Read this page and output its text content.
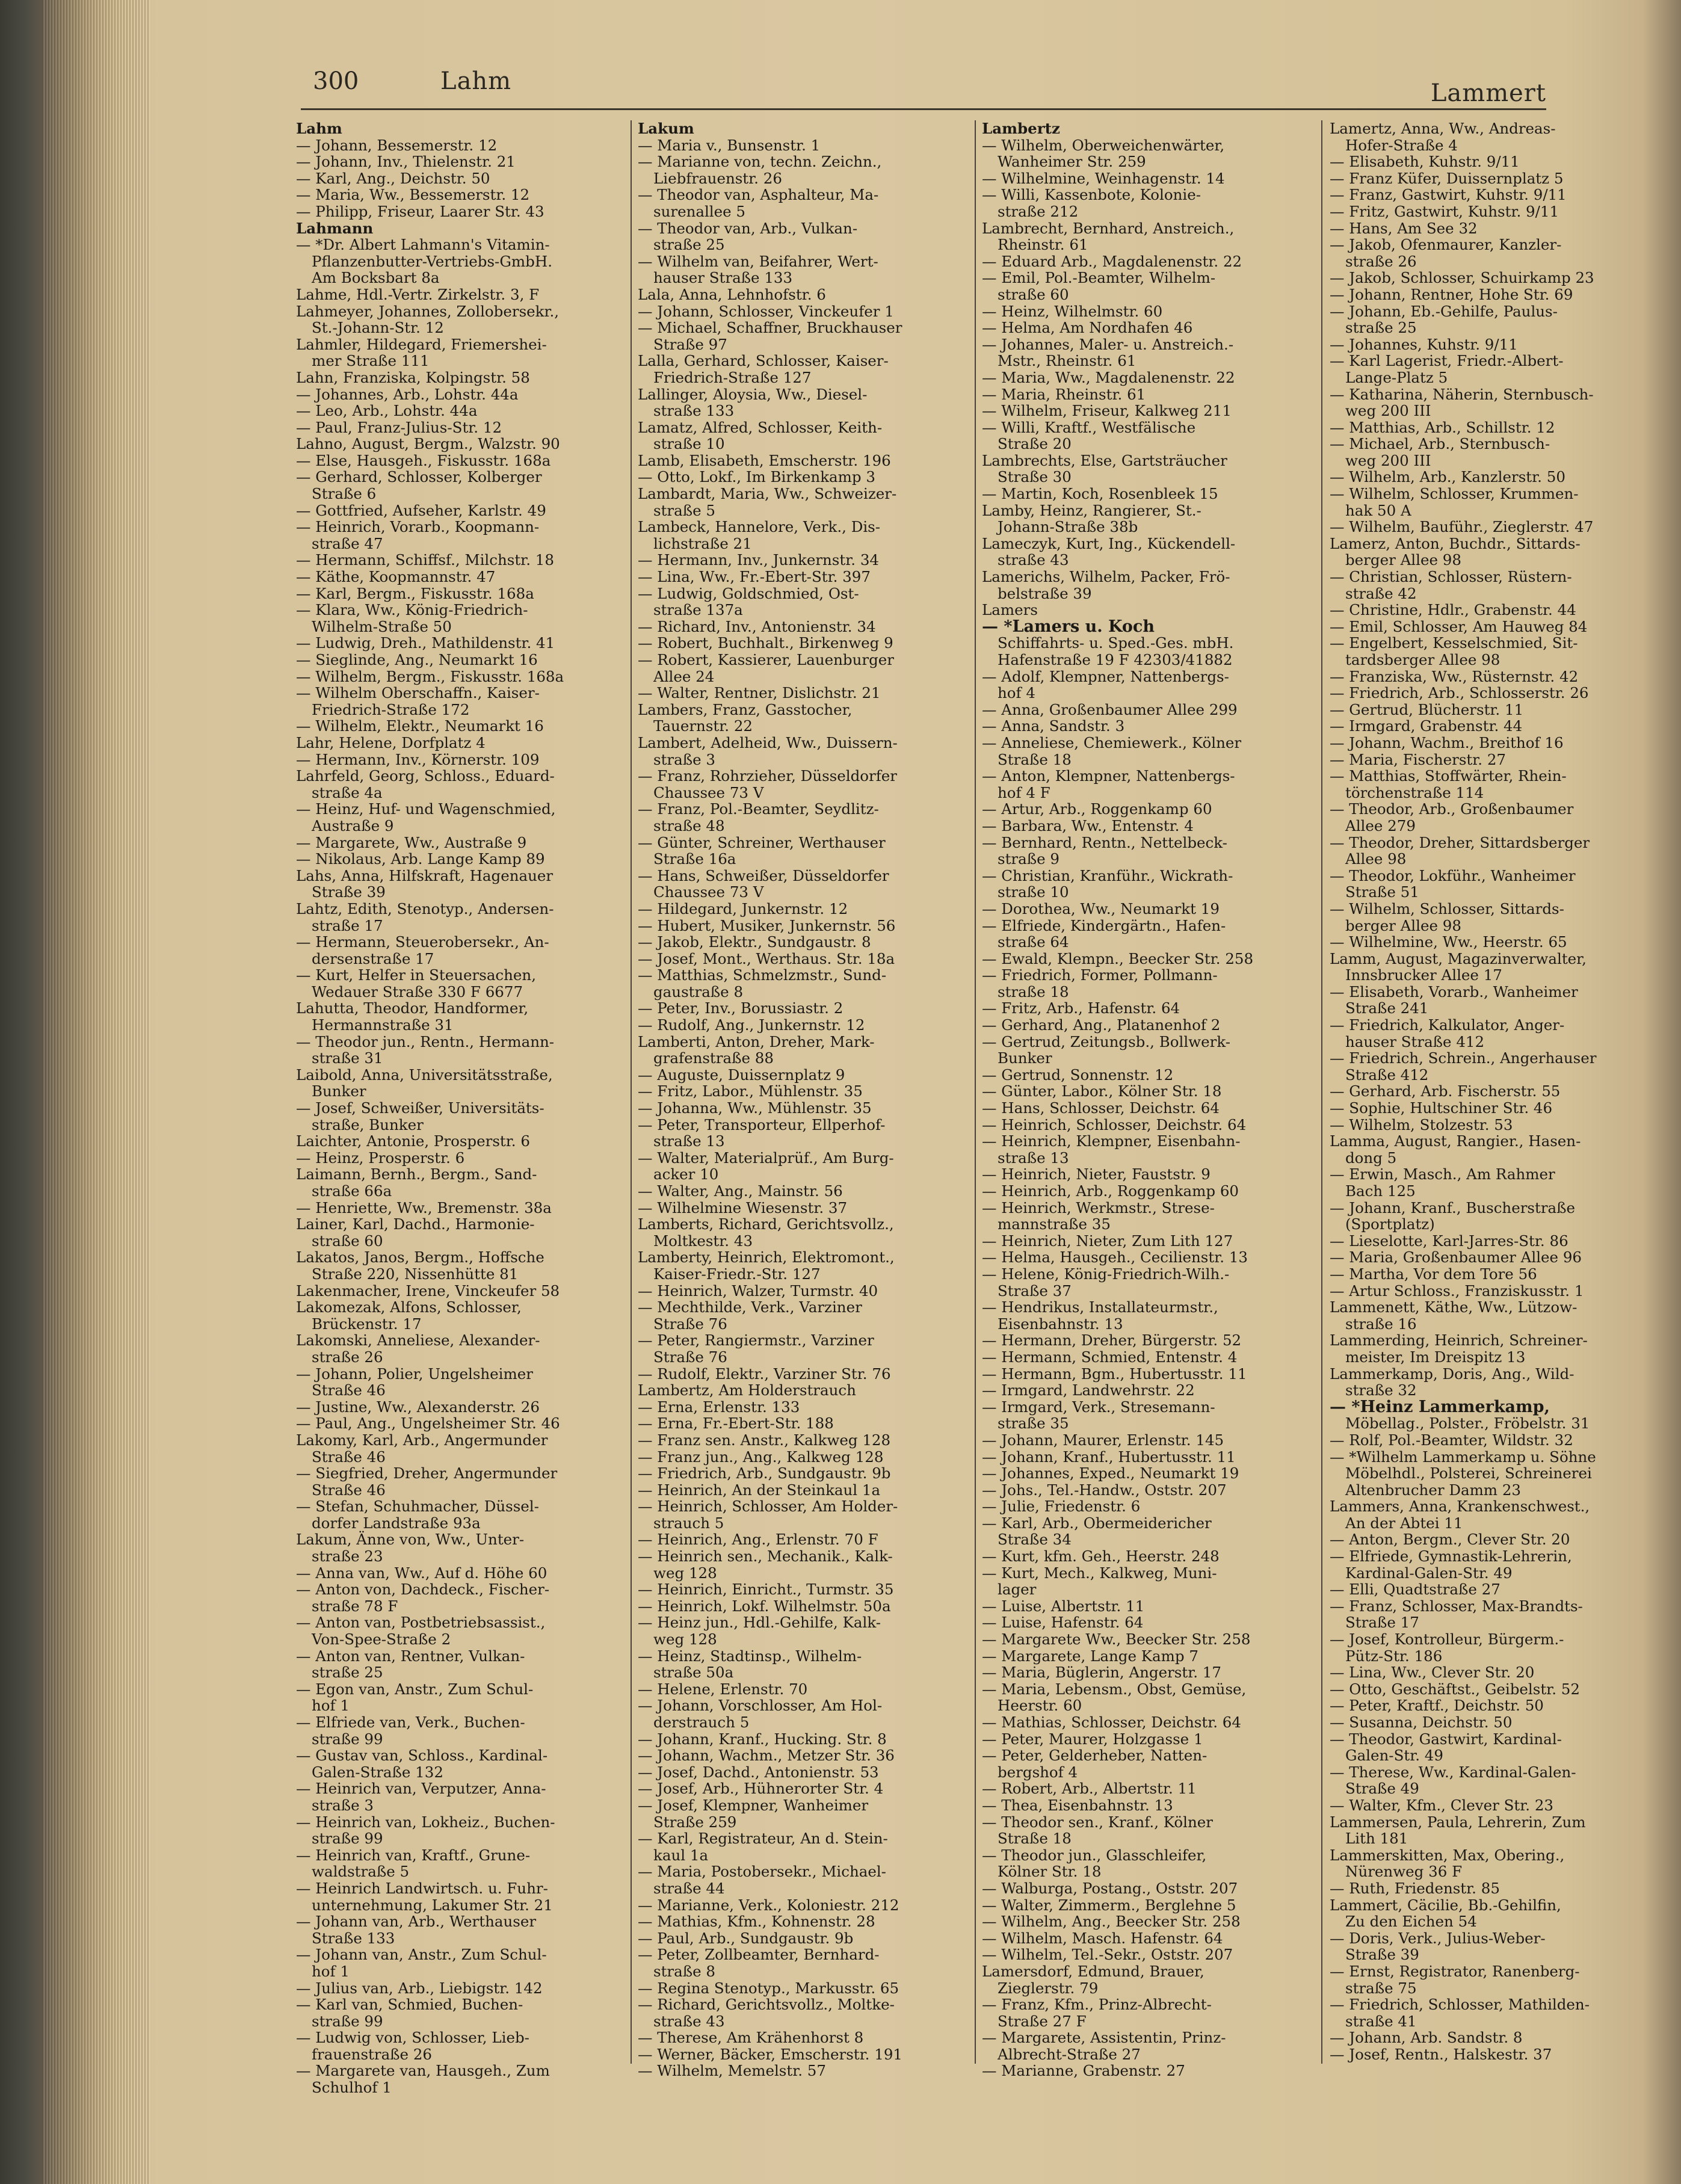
300	Lahm	Lammert

Lahm

— Johann, Bessemerstr. 12

— Johann, Inv., Thielenstr. 21

— Karl, Ang., Deichstr. 50

— Maria, Ww., Bessemerstr. 12

— Philipp, Friseur, Laarer Str. 43

Lahmann

— *Dr. Albert Lahmann's Vitamin-

Pflanzenbutter-Vertriebs-GmbH.

Am Bocksbart 8a

Lahme, Hdl.-Vertr. Zirkelstr. 3, F

Lahmeyer, Johannes, Zollobersekr.,

St.-Johann-Str. 12

Lahmler, Hildegard, Friemershei-

mer Straße 111

Lahn, Franziska, Kolpingstr. 58

— Johannes, Arb., Lohstr. 44a

— Leo, Arb., Lohstr. 44a

— Paul, Franz-Julius-Str. 12

Lahno, August, Bergm., Walzstr. 90

— Else, Hausgeh., Fiskusstr. 168a

— Gerhard, Schlosser, Kolberger

Straße 6

— Gottfried, Aufseher, Karlstr. 49

— Heinrich, Vorarb., Koopmann-

straße 47

— Hermann, Schiffsf., Milchstr. 18

— Käthe, Koopmannstr. 47

— Karl, Bergm., Fiskusstr. 168a

— Klara, Ww., König-Friedrich-

Wilhelm-Straße 50

— Ludwig, Dreh., Mathildenstr. 41

— Sieglinde, Ang., Neumarkt 16

— Wilhelm, Bergm., Fiskusstr. 168a

— Wilhelm Oberschaffn., Kaiser-

Friedrich-Straße 172

— Wilhelm, Elektr., Neumarkt 16

Lahr, Helene, Dorfplatz 4

— Hermann, Inv., Körnerstr. 109

Lahrfeld, Georg, Schloss., Eduard-

straße 4a

— Heinz, Huf- und Wagenschmied,

Austraße 9

— Margarete, Ww., Austraße 9

— Nikolaus, Arb. Lange Kamp 89

Lahs, Anna, Hilfskraft, Hagenauer

Straße 39

Lahtz, Edith, Stenotyp., Andersen-

straße 17

— Hermann, Steuerobersekr., An-

dersenstraße 17

— Kurt, Helfer in Steuersachen,

Wedauer Straße 330 F 6677

Lahutta, Theodor, Handformer,

Hermannstraße 31

— Theodor jun., Rentn., Hermann-

straße 31

Laibold, Anna, Universitätsstraße,

Bunker

— Josef, Schweißer, Universitäts-

straße, Bunker

Laichter, Antonie, Prosperstr. 6

— Heinz, Prosperstr. 6

Laimann, Bernh., Bergm., Sand-

straße 66a

— Henriette, Ww., Bremenstr. 38a

Lainer, Karl, Dachd., Harmonie-

straße 60

Lakatos, Janos, Bergm., Hoffsche

Straße 220, Nissenhütte 81

Lakenmacher, Irene, Vinckeufer 58

Lakomezak, Alfons, Schlosser,

Brückenstr. 17

Lakomski, Anneliese, Alexander-

straße 26

— Johann, Polier, Ungelsheimer

Straße 46

— Justine, Ww., Alexanderstr. 26

— Paul, Ang., Ungelsheimer Str. 46

Lakomy, Karl, Arb., Angermunder

Straße 46

— Siegfried, Dreher, Angermunder

Straße 46

— Stefan, Schuhmacher, Düssel-

dorfer Landstraße 93a

Lakum, Änne von, Ww., Unter-

straße 23

— Anna van, Ww., Auf d. Höhe 60

— Anton von, Dachdeck., Fischer-

straße 78 F

— Anton van, Postbetriebsassist.,

Von-Spee-Straße 2

— Anton van, Rentner, Vulkan-

straße 25

— Egon van, Anstr., Zum Schul-

hof 1

— Elfriede van, Verk., Buchen-

straße 99

— Gustav van, Schloss., Kardinal-

Galen-Straße 132

— Heinrich van, Verputzer, Anna-

straße 3

— Heinrich van, Lokheiz., Buchen-

straße 99

— Heinrich van, Kraftf., Grune-

waldstraße 5

— Heinrich Landwirtsch. u. Fuhr-

unternehmung, Lakumer Str. 21

— Johann van, Arb., Werthauser

Straße 133

— Johann van, Anstr., Zum Schul-

hof 1

— Julius van, Arb., Liebigstr. 142

— Karl van, Schmied, Buchen-

straße 99

— Ludwig von, Schlosser, Lieb-

frauenstraße 26

— Margarete van, Hausgeh., Zum

Schulhof 1

Lakum

— Maria v., Bunsenstr. 1

— Marianne von, techn. Zeichn.,

Liebfrauenstr. 26

— Theodor van, Asphalteur, Ma-

surenallee 5

— Theodor van, Arb., Vulkan-

straße 25

— Wilhelm van, Beifahrer, Wert-

hauser Straße 133

Lala, Anna, Lehnhofstr. 6

— Johann, Schlosser, Vinckeufer 1

— Michael, Schaffner, Bruckhauser

Straße 97

Lalla, Gerhard, Schlosser, Kaiser-

Friedrich-Straße 127

Lallinger, Aloysia, Ww., Diesel-

straße 133

Lamatz, Alfred, Schlosser, Keith-

straße 10

Lamb, Elisabeth, Emscherstr. 196

— Otto, Lokf., Im Birkenkamp 3

Lambardt, Maria, Ww., Schweizer-

straße 5

Lambeck, Hannelore, Verk., Dis-

lichstraße 21

— Hermann, Inv., Junkernstr. 34

— Lina, Ww., Fr.-Ebert-Str. 397

— Ludwig, Goldschmied, Ost-

straße 137a

— Richard, Inv., Antonienstr. 34

— Robert, Buchhalt., Birkenweg 9

— Robert, Kassierer, Lauenburger

Allee 24

— Walter, Rentner, Dislichstr. 21

Lambers, Franz, Gasstocher,

Tauernstr. 22

Lambert, Adelheid, Ww., Duissern-

straße 3

— Franz, Rohrzieher, Düsseldorfer

Chaussee 73 V

— Franz, Pol.-Beamter, Seydlitz-

straße 48

— Günter, Schreiner, Werthauser

Straße 16a

— Hans, Schweißer, Düsseldorfer

Chaussee 73 V

— Hildegard, Junkernstr. 12

— Hubert, Musiker, Junkernstr. 56

— Jakob, Elektr., Sundgaustr. 8

— Josef, Mont., Werthaus. Str. 18a

— Matthias, Schmelzmstr., Sund-

gaustraße 8

— Peter, Inv., Borussiastr. 2

— Rudolf, Ang., Junkernstr. 12

Lamberti, Anton, Dreher, Mark-

grafenstraße 88

— Auguste, Duissernplatz 9

— Fritz, Labor., Mühlenstr. 35

— Johanna, Ww., Mühlenstr. 35

— Peter, Transporteur, Ellperhof-

straße 13

— Walter, Materialprüf., Am Burg-

acker 10

— Walter, Ang., Mainstr. 56

— Wilhelmine Wiesenstr. 37

Lamberts, Richard, Gerichtsvollz.,

Moltkestr. 43

Lamberty, Heinrich, Elektromont.,

Kaiser-Friedr.-Str. 127

— Heinrich, Walzer, Turmstr. 40

— Mechthilde, Verk., Varziner

Straße 76

— Peter, Rangiermstr., Varziner

Straße 76

— Rudolf, Elektr., Varziner Str. 76

Lambertz, Am Holderstrauch

— Erna, Erlenstr. 133

— Erna, Fr.-Ebert-Str. 188

— Franz sen. Anstr., Kalkweg 128

— Franz jun., Ang., Kalkweg 128

— Friedrich, Arb., Sundgaustr. 9b

— Heinrich, An der Steinkaul 1a

— Heinrich, Schlosser, Am Holder-

strauch 5

— Heinrich, Ang., Erlenstr. 70 F

— Heinrich sen., Mechanik., Kalk-

weg 128

— Heinrich, Einricht., Turmstr. 35

— Heinrich, Lokf. Wilhelmstr. 50a

— Heinz jun., Hdl.-Gehilfe, Kalk-

weg 128

— Heinz, Stadtinsp., Wilhelm-

straße 50a

— Helene, Erlenstr. 70

— Johann, Vorschlosser, Am Hol-

derstrauch 5

— Johann, Kranf., Hucking. Str. 8

— Johann, Wachm., Metzer Str. 36

— Josef, Dachd., Antonienstr. 53

— Josef, Arb., Hühnerorter Str. 4

— Josef, Klempner, Wanheimer

Straße 259

— Karl, Registrateur, An d. Stein-

kaul 1a

— Maria, Postobersekr., Michael-

straße 44

— Marianne, Verk., Koloniestr. 212

— Mathias, Kfm., Kohnenstr. 28

— Paul, Arb., Sundgaustr. 9b

— Peter, Zollbeamter, Bernhard-

straße 8

— Regina Stenotyp., Markusstr. 65

— Richard, Gerichtsvollz., Moltke-

straße 43

— Therese, Am Krähenhorst 8

— Werner, Bäcker, Emscherstr. 191

— Wilhelm, Memelstr. 57

Lambertz

— Wilhelm, Oberweichenwärter,

Wanheimer Str. 259

— Wilhelmine, Weinhagenstr. 14

— Willi, Kassenbote, Kolonie-

straße 212

Lambrecht, Bernhard, Anstreich.,

Rheinstr. 61

— Eduard Arb., Magdalenenstr. 22

— Emil, Pol.-Beamter, Wilhelm-

straße 60

— Heinz, Wilhelmstr. 60

— Helma, Am Nordhafen 46

— Johannes, Maler- u. Anstreich.-

Mstr., Rheinstr. 61

— Maria, Ww., Magdalenenstr. 22

— Maria, Rheinstr. 61

— Wilhelm, Friseur, Kalkweg 211

— Willi, Kraftf., Westfälische

Straße 20

Lambrechts, Else, Gartsträucher

Straße 30

— Martin, Koch, Rosenbleek 15

Lamby, Heinz, Rangierer, St.-

Johann-Straße 38b

Lameczyk, Kurt, Ing., Kückendell-

straße 43

Lamerichs, Wilhelm, Packer, Frö-

belstraße 39

Lamers

— *Lamers u. Koch

Schiffahrts- u. Sped.-Ges. mbH.

Hafenstraße 19 F 42303/41882

— Adolf, Klempner, Nattenbergs-

hof 4

— Anna, Großenbaumer Allee 299

— Anna, Sandstr. 3

— Anneliese, Chemiewerk., Kölner

Straße 18

— Anton, Klempner, Nattenbergs-

hof 4 F

— Artur, Arb., Roggenkamp 60

— Barbara, Ww., Entenstr. 4

— Bernhard, Rentn., Nettelbeck-

straße 9

— Christian, Kranführ., Wickrath-

straße 10

— Dorothea, Ww., Neumarkt 19

— Elfriede, Kindergärtn., Hafen-

straße 64

— Ewald, Klempn., Beecker Str. 258

— Friedrich, Former, Pollmann-

straße 18

— Fritz, Arb., Hafenstr. 64

— Gerhard, Ang., Platanenhof 2

— Gertrud, Zeitungsb., Bollwerk-

Bunker

— Gertrud, Sonnenstr. 12

— Günter, Labor., Kölner Str. 18

— Hans, Schlosser, Deichstr. 64

— Heinrich, Schlosser, Deichstr. 64

— Heinrich, Klempner, Eisenbahn-

straße 13

— Heinrich, Nieter, Fauststr. 9

— Heinrich, Arb., Roggenkamp 60

— Heinrich, Werkmstr., Strese-

mannstraße 35

— Heinrich, Nieter, Zum Lith 127

— Helma, Hausgeh., Cecilienstr. 13

— Helene, König-Friedrich-Wilh.-

Straße 37

— Hendrikus, Installateurmstr.,

Eisenbahnstr. 13

— Hermann, Dreher, Bürgerstr. 52

— Hermann, Schmied, Entenstr. 4

— Hermann, Bgm., Hubertusstr. 11

— Irmgard, Landwehrstr. 22

— Irmgard, Verk., Stresemann-

straße 35

— Johann, Maurer, Erlenstr. 145

— Johann, Kranf., Hubertusstr. 11

— Johannes, Exped., Neumarkt 19

— Johs., Tel.-Handw., Oststr. 207

— Julie, Friedenstr. 6

— Karl, Arb., Obermeidericher

Straße 34

— Kurt, kfm. Geh., Heerstr. 248

— Kurt, Mech., Kalkweg, Muni-

lager

— Luise, Albertstr. 11

— Luise, Hafenstr. 64

— Margarete Ww., Beecker Str. 258

— Margarete, Lange Kamp 7

— Maria, Büglerin, Angerstr. 17

— Maria, Lebensm., Obst, Gemüse,

Heerstr. 60

— Mathias, Schlosser, Deichstr. 64

— Peter, Maurer, Holzgasse 1

— Peter, Gelderheber, Natten-

bergshof 4

— Robert, Arb., Albertstr. 11

— Thea, Eisenbahnstr. 13

— Theodor sen., Kranf., Kölner

Straße 18

— Theodor jun., Glasschleifer,

Kölner Str. 18

— Walburga, Postang., Oststr. 207

— Walter, Zimmerm., Berglehne 5

— Wilhelm, Ang., Beecker Str. 258

— Wilhelm, Masch. Hafenstr. 64

— Wilhelm, Tel.-Sekr., Oststr. 207

Lamersdorf, Edmund, Brauer,

Zieglerstr. 79

— Franz, Kfm., Prinz-Albrecht-

Straße 27 F

— Margarete, Assistentin, Prinz-

Albrecht-Straße 27

— Marianne, Grabenstr. 27

Lamertz, Anna, Ww., Andreas-

Hofer-Straße 4

— Elisabeth, Kuhstr. 9/11

— Franz Küfer, Duissernplatz 5

— Franz, Gastwirt, Kuhstr. 9/11

— Fritz, Gastwirt, Kuhstr. 9/11

— Hans, Am See 32

— Jakob, Ofenmaurer, Kanzler-

straße 26

— Jakob, Schlosser, Schuirkamp 23

— Johann, Rentner, Hohe Str. 69

— Johann, Eb.-Gehilfe, Paulus-

straße 25

— Johannes, Kuhstr. 9/11

— Karl Lagerist, Friedr.-Albert-

Lange-Platz 5

— Katharina, Näherin, Sternbusch-

weg 200 III

— Matthias, Arb., Schillstr. 12

— Michael, Arb., Sternbusch-

weg 200 III

— Wilhelm, Arb., Kanzlerstr. 50

— Wilhelm, Schlosser, Krummen-

hak 50 A

— Wilhelm, Bauführ., Zieglerstr. 47

Lamerz, Anton, Buchdr., Sittards-

berger Allee 98

— Christian, Schlosser, Rüstern-

straße 42

— Christine, Hdlr., Grabenstr. 44

— Emil, Schlosser, Am Hauweg 84

— Engelbert, Kesselschmied, Sit-

tardsberger Allee 98

— Franziska, Ww., Rüsternstr. 42

— Friedrich, Arb., Schlosserstr. 26

— Gertrud, Blücherstr. 11

— Irmgard, Grabenstr. 44

— Johann, Wachm., Breithof 16

— Maria, Fischerstr. 27

— Matthias, Stoffwärter, Rhein-

törchenstraße 114

— Theodor, Arb., Großenbaumer

Allee 279

— Theodor, Dreher, Sittardsberger

Allee 98

— Theodor, Lokführ., Wanheimer

Straße 51

— Wilhelm, Schlosser, Sittards-

berger Allee 98

— Wilhelmine, Ww., Heerstr. 65

Lamm, August, Magazinverwalter,

Innsbrucker Allee 17

— Elisabeth, Vorarb., Wanheimer

Straße 241

— Friedrich, Kalkulator, Anger-

hauser Straße 412

— Friedrich, Schrein., Angerhauser

Straße 412

— Gerhard, Arb. Fischerstr. 55

— Sophie, Hultschiner Str. 46

— Wilhelm, Stolzestr. 53

Lamma, August, Rangier., Hasen-

dong 5

— Erwin, Masch., Am Rahmer

Bach 125

— Johann, Kranf., Buscherstraße

(Sportplatz)

— Lieselotte, Karl-Jarres-Str. 86

— Maria, Großenbaumer Allee 96

— Martha, Vor dem Tore 56

— Artur Schloss., Franziskusstr. 1

Lammenett, Käthe, Ww., Lützow-

straße 16

Lammerding, Heinrich, Schreiner-

meister, Im Dreispitz 13

Lammerkamp, Doris, Ang., Wild-

straße 32

— *Heinz Lammerkamp,

Möbellag., Polster., Fröbelstr. 31

— Rolf, Pol.-Beamter, Wildstr. 32

— *Wilhelm Lammerkamp u. Söhne

Möbelhdl., Polsterei, Schreinerei

Altenbrucher Damm 23

Lammers, Anna, Krankenschwest.,

An der Abtei 11

— Anton, Bergm., Clever Str. 20

— Elfriede, Gymnastik-Lehrerin,

Kardinal-Galen-Str. 49

— Elli, Quadtstraße 27

— Franz, Schlosser, Max-Brandts-

Straße 17

— Josef, Kontrolleur, Bürgerm.-

Pütz-Str. 186

— Lina, Ww., Clever Str. 20

— Otto, Geschäftst., Geibelstr. 52

— Peter, Kraftf., Deichstr. 50

— Susanna, Deichstr. 50

— Theodor, Gastwirt, Kardinal-

Galen-Str. 49

— Therese, Ww., Kardinal-Galen-

Straße 49

— Walter, Kfm., Clever Str. 23

Lammersen, Paula, Lehrerin, Zum

Lith 181

Lammerskitten, Max, Obering.,

Nürenweg 36 F

— Ruth, Friedenstr. 85

Lammert, Cäcilie, Bb.-Gehilfin,

Zu den Eichen 54

— Doris, Verk., Julius-Weber-

Straße 39

— Ernst, Registrator, Ranenberg-

straße 75

— Friedrich, Schlosser, Mathilden-

straße 41

— Johann, Arb. Sandstr. 8

— Josef, Rentn., Halskestr. 37
